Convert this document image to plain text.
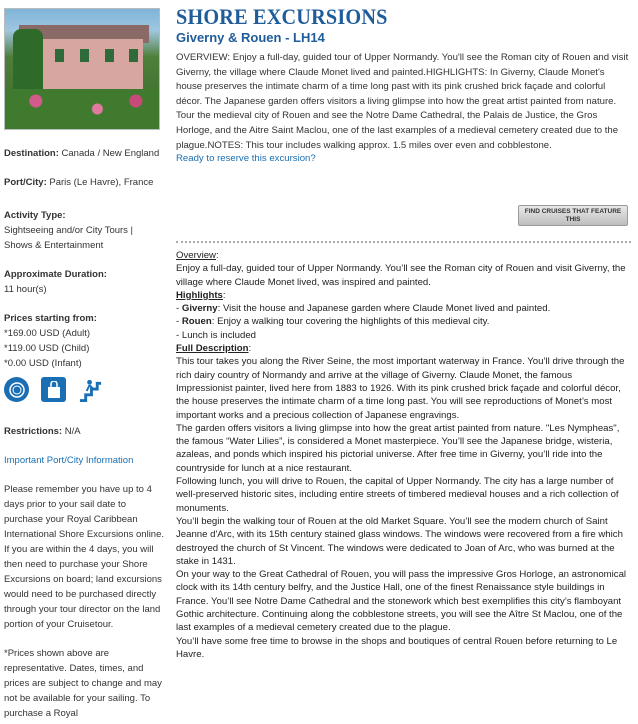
Destination: Canada / New England
Port/City: Paris (Le Havre), France
Activity Type:
Sightseeing and/or City Tours | Shows & Entertainment
Approximate Duration:
11 hour(s)
Prices starting from:
*169.00 USD (Adult)
*119.00 USD (Child)
*0.00 USD (Infant)
Restrictions: N/A
Important Port/City Information
Please remember you have up to 4 days prior to your sail date to purchase your Royal Caribbean International Shore Excursions online. If you are within the 4 days, you will then need to purchase your Shore Excursions on board; land excursions would need to be purchased directly through your tour director on the land portion of your Cruisetour.
*Prices shown above are representative. Dates, times, and prices are subject to change and may not be available for your sailing. To purchase a Royal
SHORE EXCURSIONS
Giverny & Rouen - LH14
OVERVIEW: Enjoy a full-day, guided tour of Upper Normandy. You'll see the Roman city of Rouen and visit Giverny, the village where Claude Monet lived and painted.HIGHLIGHTS: In Giverny, Claude Monet's house preserves the intimate charm of a time long past with its pink crushed brick façade and colorful décor. The Japanese garden offers visitors a living glimpse into how the great artist painted from nature. Tour the medieval city of Rouen and see the Notre Dame Cathedral, the Palais de Justice, the Gros Horloge, and the Aitre Saint Maclou, one of the last examples of a medieval cemetery created due to the plague.NOTES: This tour includes walking approx. 1.5 miles over even and cobblestone.
Ready to reserve this excursion?
FIND CRUISES THAT FEATURE THIS
Overview:
Enjoy a full-day, guided tour of Upper Normandy. You’ll see the Roman city of Rouen and visit Giverny, the village where Claude Monet lived, was inspired and painted.
Highlights:
- Giverny: Visit the house and Japanese garden where Claude Monet lived and painted.
- Rouen: Enjoy a walking tour covering the highlights of this medieval city.
- Lunch is included
Full Description:
This tour takes you along the River Seine, the most important waterway in France. You’ll drive through the rich dairy country of Normandy and arrive at the village of Giverny. Claude Monet, the famous Impressionist painter, lived here from 1883 to 1926. With its pink crushed brick façade and colorful décor, the house preserves the intimate charm of a time long past. You will see reproductions of Monet’s most important works and a precious collection of Japanese engravings.
The garden offers visitors a living glimpse into how the great artist painted from nature. "Les Nympheas", the famous “Water Lilies”, is considered a Monet masterpiece. You’ll see the Japanese bridge, wisteria, azaleas, and ponds which inspired his pictorial universe. After free time in Giverny, you’ll ride into the countryside for lunch at a nice restaurant.
Following lunch, you will drive to Rouen, the capital of Upper Normandy. The city has a large number of well-preserved historic sites, including entire streets of timbered medieval houses and a rich collection of monuments.
You’ll begin the walking tour of Rouen at the old Market Square. You’ll see the modern church of Saint Jeanne d'Arc, with its 15th century stained glass windows. The windows were recovered from a fire which destroyed the church of St Vincent. The windows were dedicated to Joan of Arc, who was burned at the stake in 1431.
On your way to the Great Cathedral of Rouen, you will pass the impressive Gros Horloge, an astronomical clock with its 14th century belfry, and the Justice Hall, one of the finest Renaissance style buildings in France. You’ll see Notre Dame Cathedral and the stonework which best exemplifies this city’s flamboyant Gothic architecture. Continuing along the cobblestone streets, you will see the Aître St Maclou, one of the last examples of a medieval cemetery created due to the plague.
You’ll have some free time to browse in the shops and boutiques of central Rouen before returning to Le Havre.
